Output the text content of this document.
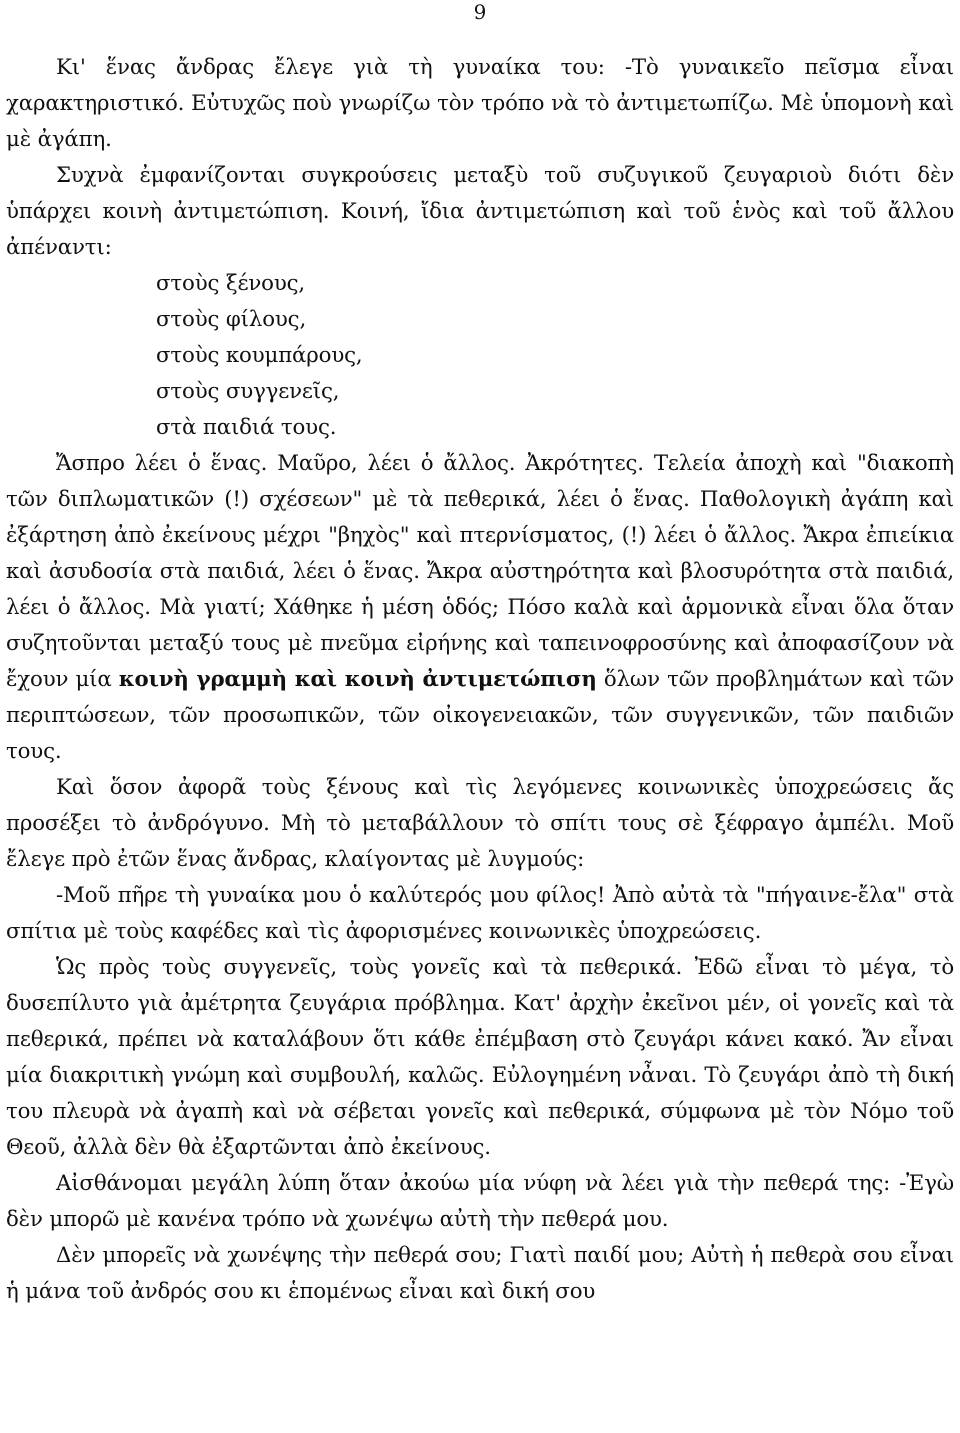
9

Κι' ἕνας ἄνδρας ἔλεγε γιὰ τὴ γυναίκα του: -Τὸ γυναικεῖο πεῖσμα εἶναι χαρακτηριστικό. Εὐτυχῶς ποὺ γνωρίζω τὸν τρόπο νὰ τὸ ἀντιμετωπίζω. Μὲ ὑπομονὴ καὶ μὲ ἀγάπη.

Συχνὰ ἐμφανίζονται συγκρούσεις μεταξὺ τοῦ συζυγικοῦ ζευγαριοὺ διότι δὲν ὑπάρχει κοινὴ ἀντιμετώπιση. Κοινή, ἴδια ἀντιμετώπιση καὶ τοῦ ἑνὸς καὶ τοῦ ἄλλου ἀπέναντι:

στοὺς ξένους,
στοὺς φίλους,
στοὺς κουμπάρους,
στοὺς συγγενεῖς,
στὰ παιδιά τους.

Ἄσπρο λέει ὁ ἕνας. Μαῦρο, λέει ὁ ἄλλος. Ἀκρότητες. Τελεία ἀποχὴ καὶ "διακοπὴ τῶν διπλωματικῶν (!) σχέσεων" μὲ τὰ πεθερικά, λέει ὁ ἕνας. Παθολογικὴ ἀγάπη καὶ ἐξάρτηση ἀπὸ ἐκείνους μέχρι "βηχὸς" καὶ πτερνίσματος, (!) λέει ὁ ἄλλος. Ἄκρα ἐπιείκια καὶ ἀσυδοσία στὰ παιδιά, λέει ὁ ἕνας. Ἄκρα αὐστηρότητα καὶ βλοσυρότητα στὰ παιδιά, λέει ὁ ἄλλος. Μὰ γιατί; Χάθηκε ἡ μέση ὁδός; Πόσο καλὰ καὶ ἁρμονικὰ εἶναι ὅλα ὅταν συζητοῦνται μεταξύ τους μὲ πνεῦμα εἰρήνης καὶ ταπεινοφροσύνης καὶ ἀποφασίζουν νὰ ἔχουν μία κοινὴ γραμμὴ καὶ κοινὴ ἀντιμετώπιση ὅλων τῶν προβλημάτων καὶ τῶν περιπτώσεων, τῶν προσωπικῶν, τῶν οἰκογενειακῶν, τῶν συγγενικῶν, τῶν παιδιῶν τους.

Καὶ ὅσον ἀφορᾶ τοὺς ξένους καὶ τὶς λεγόμενες κοινωνικὲς ὑποχρεώσεις ἄς προσέξει τὸ ἀνδρόγυνο. Μὴ τὸ μεταβάλλουν τὸ σπίτι τους σὲ ξέφραγο ἀμπέλι. Μοῦ ἔλεγε πρὸ ἐτῶν ἕνας ἄνδρας, κλαίγοντας μὲ λυγμούς:

-Μοῦ πῆρε τὴ γυναίκα μου ὁ καλύτερός μου φίλος! Ἀπὸ αὐτὰ τὰ "πήγαινε-ἔλα" στὰ σπίτια μὲ τοὺς καφέδες καὶ τὶς ἀφορισμένες κοινωνικὲς ὑποχρεώσεις.

Ὡς πρὸς τοὺς συγγενεῖς, τοὺς γονεῖς καὶ τὰ πεθερικά. Ἐδῶ εἶναι τὸ μέγα, τὸ δυσεπίλυτο γιὰ ἀμέτρητα ζευγάρια πρόβλημα. Κατ' ἀρχὴν ἐκεῖνοι μέν, οἱ γονεῖς καὶ τὰ πεθερικά, πρέπει νὰ καταλάβουν ὅτι κάθε ἐπέμβαση στὸ ζευγάρι κάνει κακό. Ἄν εἶναι μία διακριτικὴ γνώμη καὶ συμβουλή, καλῶς. Εὐλογημένη νἆναι. Τὸ ζευγάρι ἀπὸ τὴ δική του πλευρὰ νὰ ἀγαπὴ καὶ νὰ σέβεται γονεῖς καὶ πεθερικά, σύμφωνα μὲ τὸν Νόμο τοῦ Θεοῦ, ἀλλὰ δὲν θὰ ἐξαρτῶνται ἀπὸ ἐκείνους.

Αἰσθάνομαι μεγάλη λύπη ὅταν ἀκούω μία νύφη νὰ λέει γιὰ τὴν πεθερά της: -Ἐγὼ δὲν μπορῶ μὲ κανένα τρόπο νὰ χωνέψω αὐτὴ τὴν πεθερά μου.

Δὲν μπορεῖς νὰ χωνέψης τὴν πεθερά σου; Γιατὶ παιδί μου; Αὐτὴ ἡ πεθερὰ σου εἶναι ἡ μάνα τοῦ ἀνδρός σου κι ἑπομένως εἶναι καὶ δική σου
